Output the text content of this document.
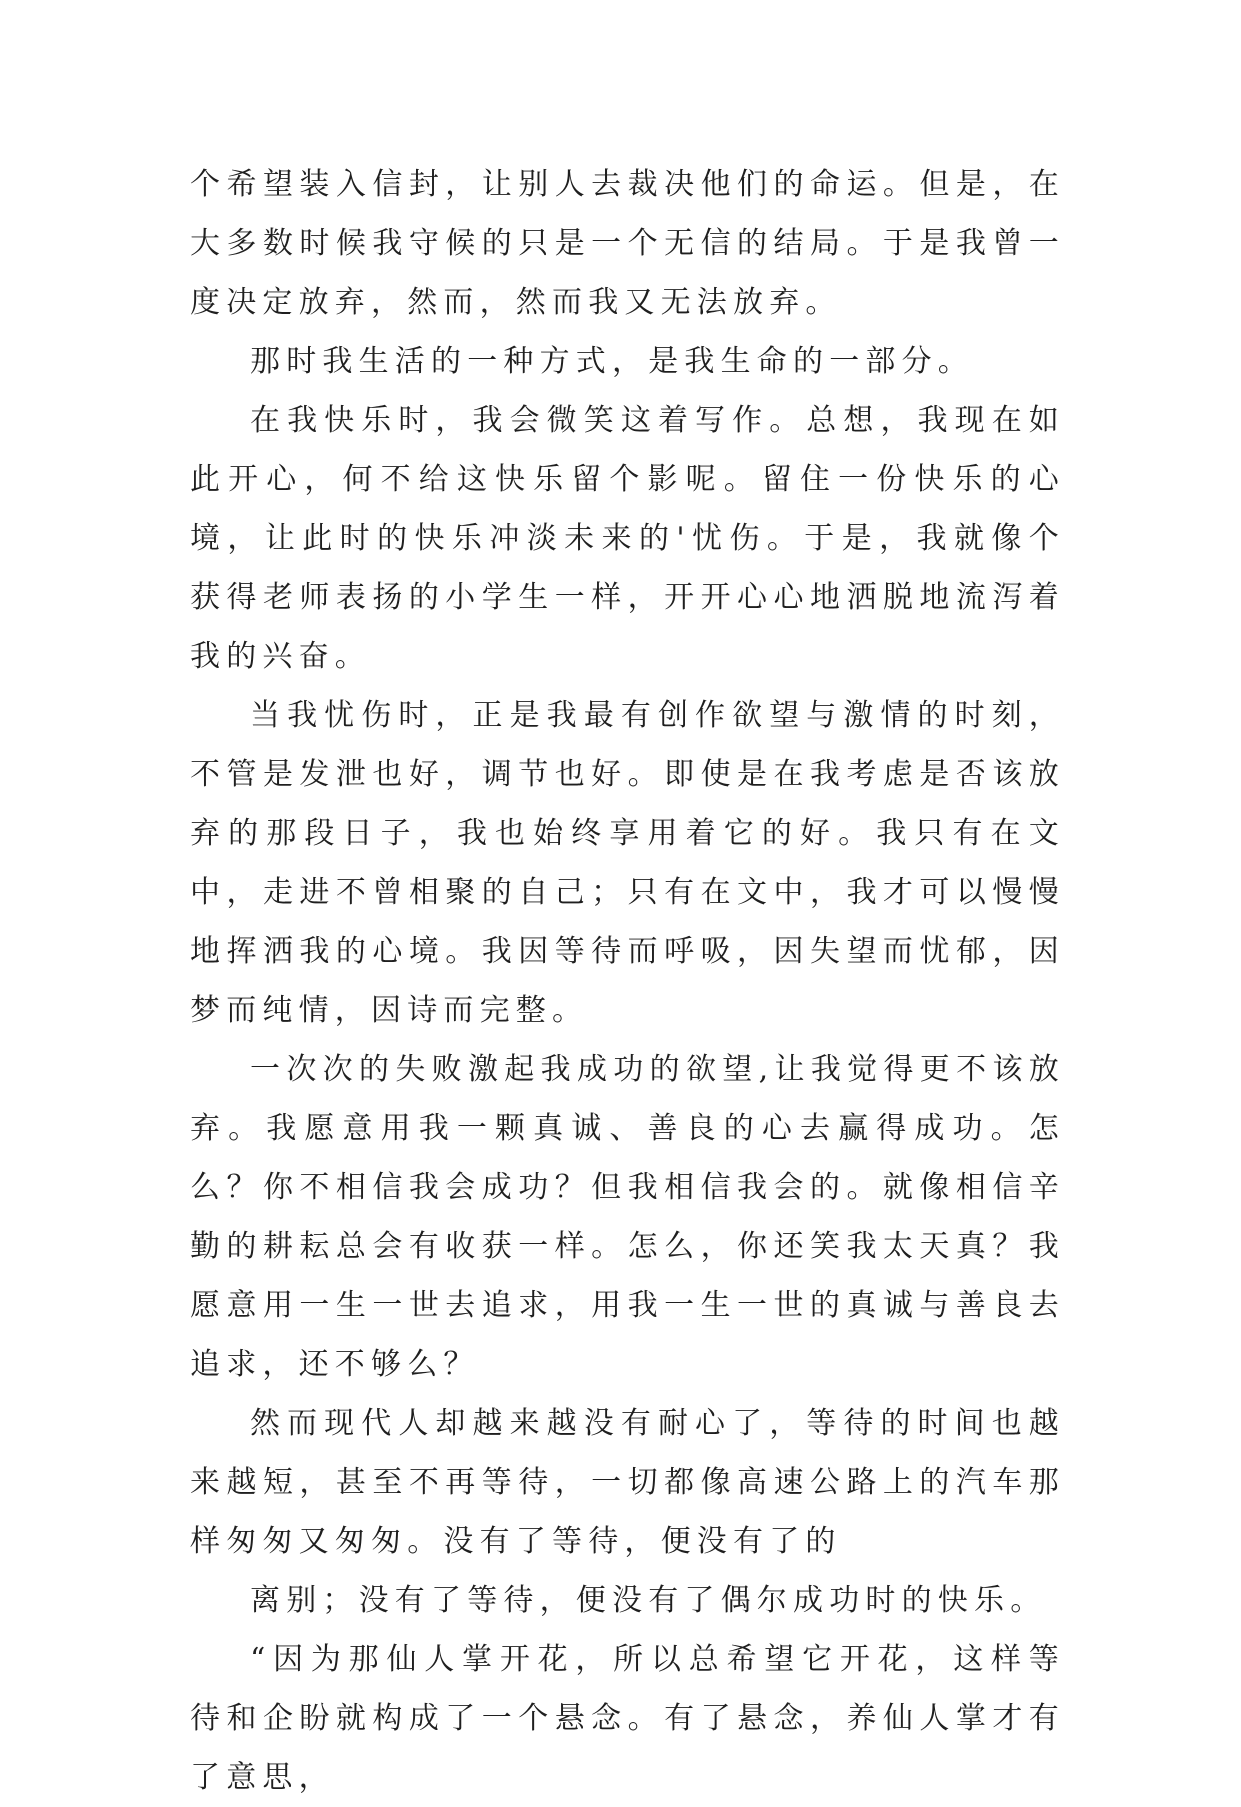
个希望装入信封，让别人去裁决他们的命运。但是，在大多数时候我守候的只是一个无信的结局。于是我曾一度决定放弃，然而，然而我又无法放弃。

那时我生活的一种方式，是我生命的一部分。

在我快乐时，我会微笑这着写作。总想，我现在如此开心，何不给这快乐留个影呢。留住一份快乐的心境，让此时的快乐冲淡未来的'忧伤。于是，我就像个获得老师表扬的小学生一样，开开心心地洒脱地流泻着我的兴奋。

当我忧伤时，正是我最有创作欲望与激情的时刻，不管是发泄也好，调节也好。即使是在我考虑是否该放弃的那段日子，我也始终享用着它的好。我只有在文中，走进不曾相聚的自己；只有在文中，我才可以慢慢地挥洒我的心境。我因等待而呼吸，因失望而忧郁，因梦而纯情，因诗而完整。

一次次的失败激起我成功的欲望,让我觉得更不该放弃。我愿意用我一颗真诚、善良的心去赢得成功。怎么？你不相信我会成功？但我相信我会的。就像相信辛勤的耕耘总会有收获一样。怎么，你还笑我太天真？我愿意用一生一世去追求，用我一生一世的真诚与善良去追求，还不够么？

然而现代人却越来越没有耐心了，等待的时间也越来越短，甚至不再等待，一切都像高速公路上的汽车那样匆匆又匆匆。没有了等待，便没有了的

离别；没有了等待，便没有了偶尔成功时的快乐。

“因为那仙人掌开花，所以总希望它开花，这样等待和企盼就构成了一个悬念。有了悬念，养仙人掌才有了意思，
